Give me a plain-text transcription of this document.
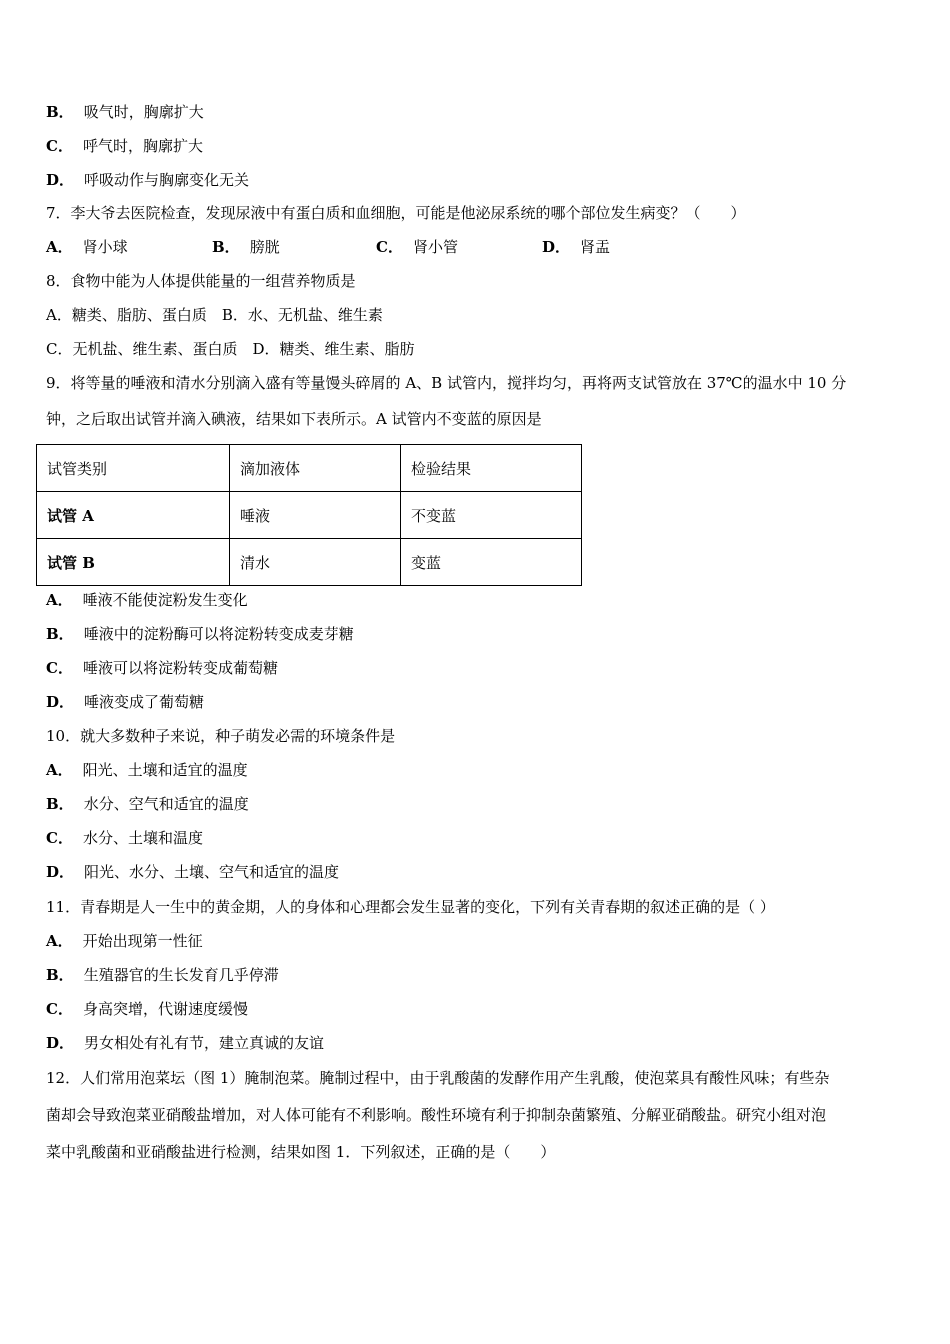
B． 吸气时，胸廓扩大
C． 呼气时，胸廓扩大
D． 呼吸动作与胸廓变化无关
7．李大爷去医院检查，发现尿液中有蛋白质和血细胞，可能是他泌尿系统的哪个部位发生病变？（　　）
A． 肾小球	B． 膀胱	C． 肾小管	D． 肾盂
8．食物中能为人体提供能量的一组营养物质是
A．糖类、脂肪、蛋白质　B．水、无机盐、维生素
C．无机盐、维生素、蛋白质　D．糖类、维生素、脂肪
9．将等量的唾液和清水分别滴入盛有等量馒头碎屑的 A、B 试管内，搅拌均匀，再将两支试管放在 37℃的温水中 10 分
钟，之后取出试管并滴入碘液，结果如下表所示。A 试管内不变蓝的原因是
试管类别	滴加液体	检验结果
试管 A	唾液	不变蓝
试管 B	清水	变蓝
A． 唾液不能使淀粉发生变化
B． 唾液中的淀粉酶可以将淀粉转变成麦芽糖
C． 唾液可以将淀粉转变成葡萄糖
D． 唾液变成了葡萄糖
10．就大多数种子来说，种子萌发必需的环境条件是
A． 阳光、土壤和适宜的温度
B． 水分、空气和适宜的温度
C． 水分、土壤和温度
D． 阳光、水分、土壤、空气和适宜的温度
11．青春期是人一生中的黄金期，人的身体和心理都会发生显著的变化，下列有关青春期的叙述正确的是（ ）
A． 开始出现第一性征
B． 生殖器官的生长发育几乎停滞
C． 身高突增，代谢速度缓慢
D． 男女相处有礼有节，建立真诚的友谊
12．人们常用泡菜坛（图 1）腌制泡菜。腌制过程中，由于乳酸菌的发酵作用产生乳酸，使泡菜具有酸性风味；有些杂
菌却会导致泡菜亚硝酸盐增加，对人体可能有不利影响。酸性环境有利于抑制杂菌繁殖、分解亚硝酸盐。研究小组对泡
菜中乳酸菌和亚硝酸盐进行检测，结果如图 1．下列叙述，正确的是（　　）
